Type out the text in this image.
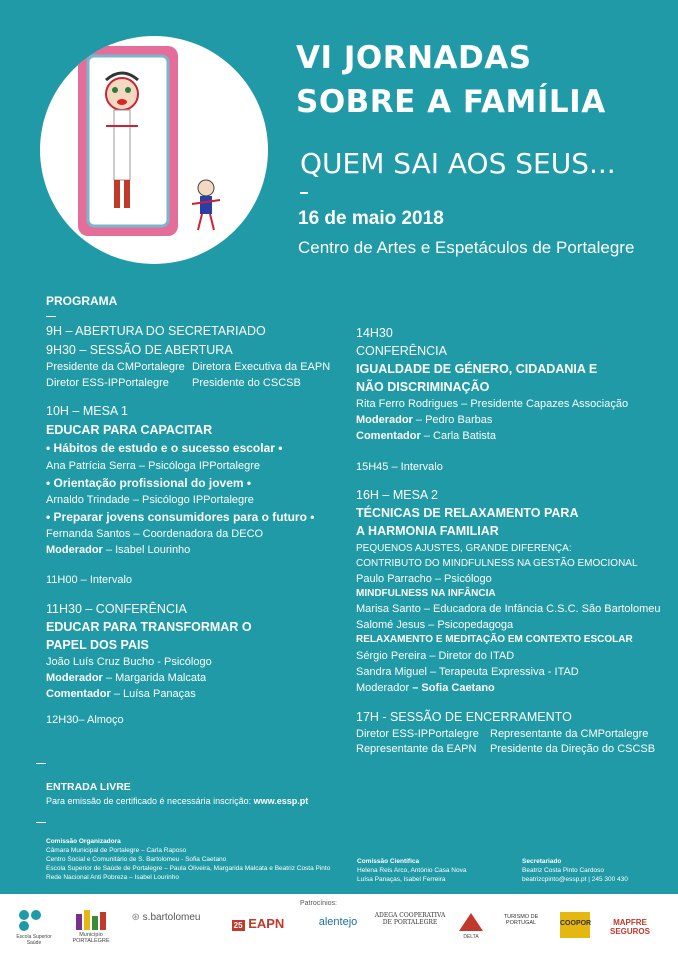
VI JORNADAS
SOBRE A FAMÍLIA
QUEM SAI AOS SEUS...
16 de maio 2018
Centro de Artes e Espetáculos de Portalegre
PROGRAMA
9H – ABERTURA DO SECRETARIADO
9H30 – SESSÃO DE ABERTURA
Presidente da CMPortalegre Diretora Executiva da EAPN
Diretor ESS-IPPortalegre Presidente do CSCSB
10H – MESA 1
EDUCAR PARA CAPACITAR
• Hábitos de estudo e o sucesso escolar •
Ana Patrícia Serra – Psicóloga IPPortalegre
• Orientação profissional do jovem •
Arnaldo Trindade – Psicólogo IPPortalegre
• Preparar jovens consumidores para o futuro •
Fernanda Santos – Coordenadora da DECO
Moderador – Isabel Lourinho
11H00 – Intervalo
11H30 – CONFERÊNCIA
EDUCAR PARA TRANSFORMAR O
PAPEL DOS PAIS
João Luís Cruz Bucho - Psicólogo
Moderador – Margarida Malcata
Comentador – Luísa Panaças
12H30– Almoço
14H30
CONFERÊNCIA
IGUALDADE DE GÉNERO, CIDADANIA E
NÃO DISCRIMINAÇÃO
Rita Ferro Rodrigues – Presidente Capazes Associação
Moderador – Pedro Barbas
Comentador – Carla Batista
15H45 – Intervalo
16H – MESA 2
TÉCNICAS DE RELAXAMENTO PARA
A HARMONIA FAMILIAR
PEQUENOS AJUSTES, GRANDE DIFERENÇA:
CONTRIBUTO DO MINDFULNESS NA GESTÃO EMOCIONAL
Paulo Parracho – Psicólogo
MINDFULNESS NA INFÂNCIA
Marisa Santo – Educadora de Infância C.S.C. São Bartolomeu
Salomé Jesus – Psicopedagoga
RELAXAMENTO E MEDITAÇÃO EM CONTEXTO ESCOLAR
Sérgio Pereira – Diretor do ITAD
Sandra Miguel – Terapeuta Expressiva - ITAD
Moderador – Sofia Caetano
17H - SESSÃO DE ENCERRAMENTO
Diretor ESS-IPPortalegre Representante da CMPortalegre
Representante da EAPN Presidente da Direção do CSCSB
ENTRADA LIVRE
Para emissão de certificado é necessária inscrição: www.essp.pt
Comissão Organizadora
Câmara Municipal de Portalegre – Carla Raposo
Centro Social e Comunitário de S. Bartolomeu - Sofia Caetano
Escola Superior de Saúde de Portalegre – Paula Oliveira, Margarida Malcata e Beatriz Costa Pinto
Rede Nacional Anti Pobreza – Isabel Lourinho
Comissão Científica
Helena Reis Arco, António Casa Nova
Luísa Panaças, Isabel Ferreira
Secretariado
Beatriz Costa Pinto Cardoso
beatrizcpinto@essp.pt | 245 300 430
Escola Superior Saúde
Município PORTALEGRE
⊛ s.bartolomeu
25 EAPN
Patrocínios:
alentejo
ADEGA COOPERATIVA DE PORTALEGRE
DELTA
TURISMO DE PORTUGAL	COOPOR	MAPFRE SEGUROS
